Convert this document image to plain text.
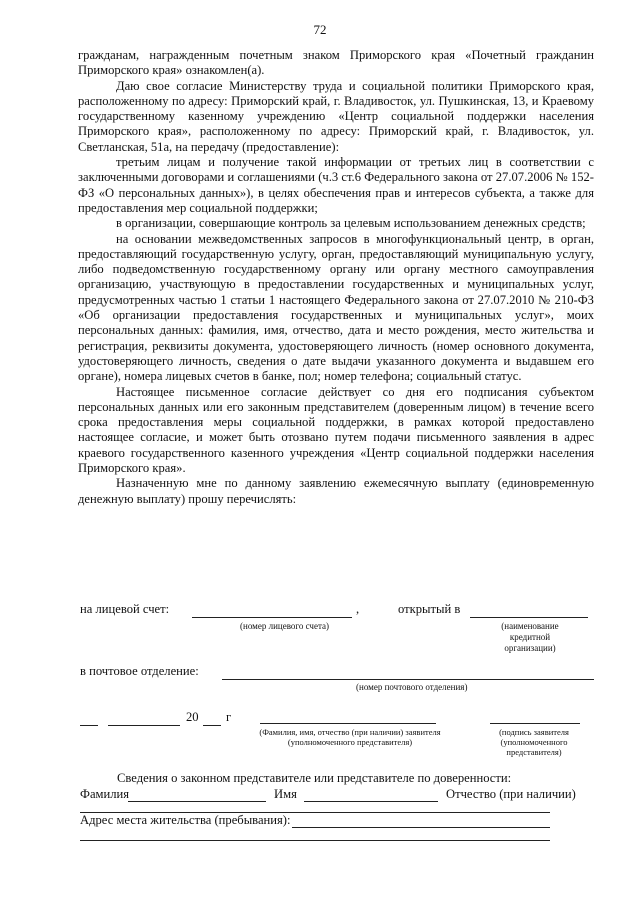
72

гражданам, награжденным почетным знаком Приморского края «Почетный гражданин Приморского края» ознакомлен(а).

Даю свое согласие Министерству труда и социальной политики Приморского края, расположенному по адресу: Приморский край, г. Владивосток, ул. Пушкинская, 13, и Краевому государственному казенному учреждению «Центр социальной поддержки населения Приморского края», расположенному по адресу: Приморский край, г. Владивосток, ул. Светланская, 51а, на передачу (предоставление):

третьим лицам и получение такой информации от третьих лиц в соответствии с заключенными договорами и соглашениями (ч.3 ст.6 Федерального закона от 27.07.2006 № 152-ФЗ «О персональных данных»), в целях обеспечения прав и интересов субъекта, а также для предоставления мер социальной поддержки;

в организации, совершающие контроль за целевым использованием денежных средств;

на основании межведомственных запросов в многофункциональный центр, в орган, предоставляющий государственную услугу, орган, предоставляющий муниципальную услугу, либо подведомственную государственному органу или органу местного самоуправления организацию, участвующую в предоставлении государственных и муниципальных услуг, предусмотренных частью 1 статьи 1 настоящего Федерального закона от 27.07.2010 № 210-ФЗ «Об организации предоставления государственных и муниципальных услуг», моих персональных данных: фамилия, имя, отчество, дата и место рождения, место жительства и регистрация, реквизиты документа, удостоверяющего личность (номер основного документа, удостоверяющего личность, сведения о дате выдачи указанного документа и выдавшем его органе), номера лицевых счетов в банке, пол; номер телефона; социальный статус.

Настоящее письменное согласие действует со дня его подписания субъектом персональных данных или его законным представителем (доверенным лицом) в течение всего срока предоставления меры социальной поддержки, в рамках которой предоставлено настоящее согласие, и может быть отозвано путем подачи письменного заявления в адрес краевого государственного казенного учреждения «Центр социальной поддержки населения Приморского края».

Назначенную мне по данному заявлению ежемесячную выплату (единовременную денежную выплату) прошу перечислять:

на лицевой счет:	,	открытый в
(номер лицевого счета)	(наименование кредитной организации)
в почтовое отделение:
(номер почтового отделения)
20 г
(Фамилия, имя, отчество (при наличии) заявителя (уполномоченного представителя)
(подпись заявителя (уполномоченного представителя)
Сведения о законном представителе или представителе по доверенности:
Фамилия	Имя	Отчество (при наличии)
Адрес места жительства (пребывания):
